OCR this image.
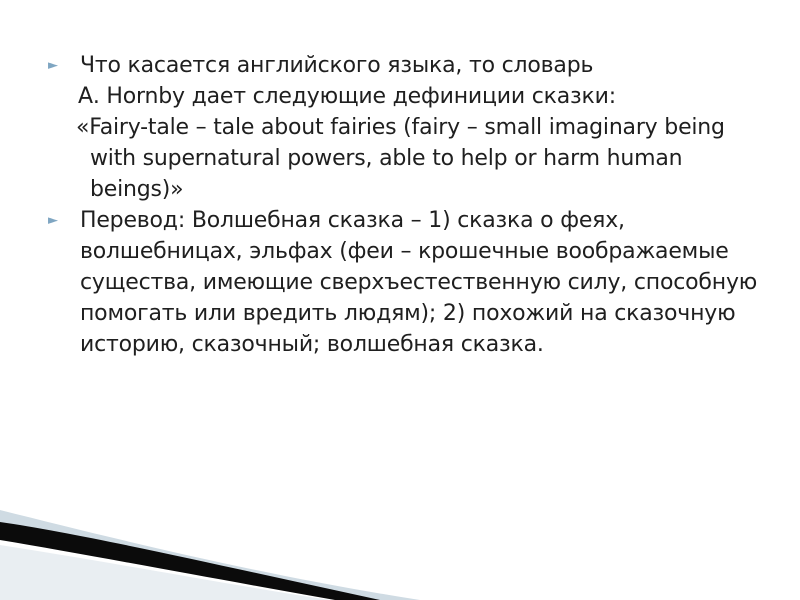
► Что касается английского языка, то словарь
А. Hornby дает следующие дефиниции сказки:
«Fairy-tale – tale about fairies (fairy – small imaginary being with supernatural powers, able to help or harm human beings)»
► Перевод: Волшебная сказка – 1) сказка о феях, волшебницах, эльфах (феи – крошечные воображаемые существа, имеющие сверхъестественную силу, способную помогать или вредить людям); 2) похожий на сказочную историю, сказочный; волшебная сказка.
